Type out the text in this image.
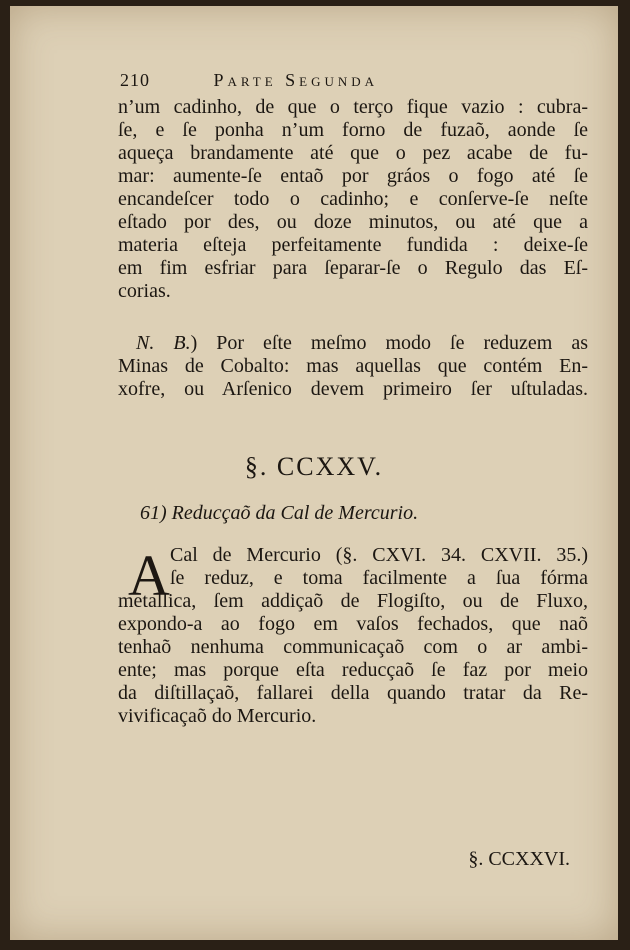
210	Parte Segunda
n’um cadinho, de que o terço fique vazio : cubra-
ſe, e ſe ponha n’um forno de fuzaõ, aonde ſe
aqueça brandamente até que o pez acabe de fu-
mar: aumente-ſe entaõ por gráos o fogo até ſe
encandeſcer todo o cadinho; e conſerve-ſe neſte
eſtado por des, ou doze minutos, ou até que a
materia eſteja perfeitamente fundida : deixe-ſe
em fim esfriar para ſeparar-ſe o Regulo das Eſ-
corias.
N. B.) Por eſte meſmo modo ſe reduzem as
Minas de Cobalto: mas aquellas que contém En-
xofre, ou Arſenico devem primeiro ſer uſtuladas.
§. CCXXV.
61) Reducçaõ da Cal de Mercurio.
A Cal de Mercurio (§. CXVI. 34. CXVII. 35.)
ſe reduz, e toma facilmente a ſua fórma
metallica, ſem addiçaõ de Flogiſto, ou de Fluxo,
expondo-a ao fogo em vaſos fechados, que naõ
tenhaõ nenhuma communicaçaõ com o ar ambi-
ente; mas porque eſta reducçaõ ſe faz por meio
da diſtillaçaõ, fallarei della quando tratar da Re-
vivificaçaõ do Mercurio.
§. CCXXVI.
